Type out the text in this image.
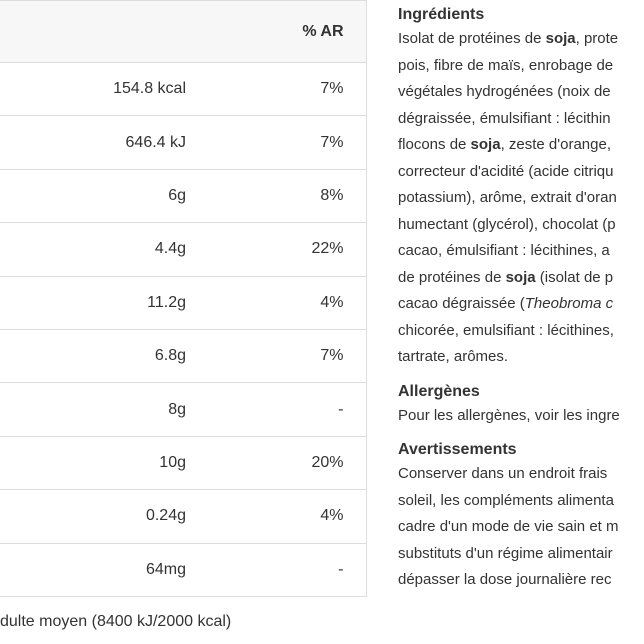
	% AR
154.8 kcal	7%
646.4 kJ	7%
6g	8%
4.4g	22%
11.2g	4%
6.8g	7%
8g	-
10g	20%
0.24g	4%
64mg	-
dulte moyen (8400 kJ/2000 kcal)
Ingrédients
Isolat de protéines de soja, prote
pois, fibre de maïs, enrobage de
végétales hydrogénées (noix de
dégraissée, émulsifiant : lécithin
flocons de soja, zeste d'orange,
correcteur d'acidité (acide citriqu
potassium), arôme, extrait d'oran
humectant (glycérol), chocolat (p
cacao, émulsifiant : lécithines, a
de protéines de soja (isolat de p
cacao dégraissée (Theobroma c
chicorée, emulsifiant : lécithines,
tartrate, arômes.
Allergènes
Pour les allergènes, voir les ingre
Avertissements
Conserver dans un endroit frais
soleil, les compléments alimenta
cadre d'un mode de vie sain et m
substituts d'un régime alimentair
dépasser la dose journalière rec
